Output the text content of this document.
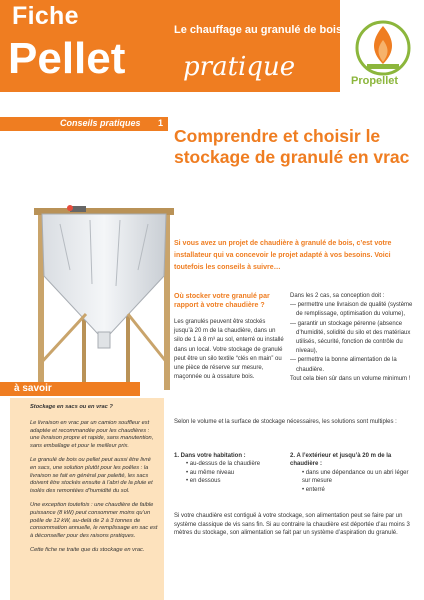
Fiche	Le chauffage au granulé de bois
Pellet pratique	Propellet
Conseils pratiques 1
Comprendre et choisir le stockage de granulé en vrac
Si vous avez un projet de chaudière à granulé de bois, c’est votre installateur qui va concevoir le projet adapté à vos besoins. Voici toutefois les conseils à suivre…
Où stocker votre granulé par rapport à votre chaudière ?
Les granulés peuvent être stockés jusqu’à 20 m de la chaudière, dans un silo de 1 à 8 m³ au sol, enterré ou installé dans un local. Votre stockage de granulé peut être un silo textile “clés en main” ou une pièce de réserve sur mesure, maçonnée ou à ossature bois.
Dans les 2 cas, sa conception doit :
— permettre une livraison de qualité (système de remplissage, optimisation du volume),
— garantir un stockage pérenne (absence d’humidité, solidité du silo et des matériaux utilisés, sécurité, fonction de contrôle du niveau),
— permettre la bonne alimentation de la chaudière.
Tout cela bien sûr dans un volume minimum !
à savoir
Stockage en sacs ou en vrac ?

Le livraison en vrac par un camion souffleur est adaptée et recommandée pour les chaudières : une livraison propre et rapide, sans manutention, sans emballage et pour le meilleur prix.

Le granulé de bois ou pellet peut aussi être livré en sacs, une solution plutôt pour les poêles : la livraison se fait en général par paletté, les sacs doivent être stockés ensuite à l’abri de la pluie et isolés des remontées d’humidité du sol.

Une exception toutefois : une chaudière de faible puissance (8 kW) peut consommer moins qu’un poêle de 12 kW, au-delà de 2 à 3 tonnes de consommation annuelle, le remplissage en sac est à déconseiller pour des raisons pratiques.

Cette fiche ne traite que du stockage en vrac.

Selon le volume et la surface de stockage nécessaires, les solutions sont multiples :
1. Dans votre habitation :
• au-dessus de la chaudière
• au même niveau
• en dessous
2. A l’extérieur et jusqu’à 20 m de la chaudière :
• dans une dépendance ou un abri léger sur mesure
• enterré
Si votre chaudière est contiguë à votre stockage, son alimentation peut se faire par un système classique de vis sans fin. Si au contraire la chaudière est déportée d’au moins 3 mètres du stockage, son alimentation se fait par un système d’aspiration du granulé.
